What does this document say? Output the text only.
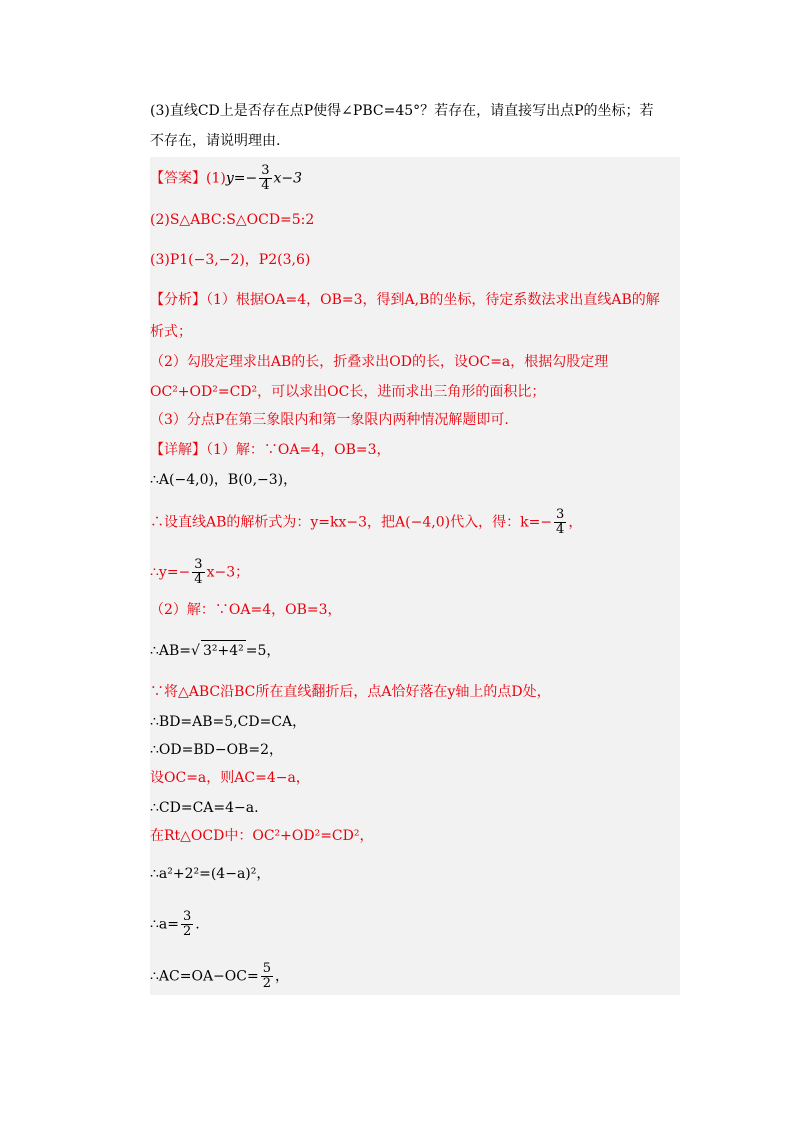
(3)直线CD上是否存在点P使得∠PBC=45°？若存在，请直接写出点P的坐标；若
不存在，请说明理由.
【答案】$(1)y=- \frac{3}{4} x-3$
(2)S△ABC:S△OCD=5:2
(3)P1(−3,−2)，P2(3,6)
【分析】（1）根据OA=4，OB=3，得到A,B的坐标，待定系数法求出直线AB的解
析式；
（2）勾股定理求出AB的长，折叠求出OD的长，设OC=a，根据勾股定理
OC²+OD²=CD²，可以求出OC长，进而求出三角形的面积比；
（3）分点P在第三象限内和第一象限内两种情况解题即可.
【详解】（1）解：∵OA=4，OB=3，
∴A(−4,0)，B(0,−3)，
∴设直线AB的解析式为：y=kx−3，把A(−4,0)代入，得：$k=- \frac{3}{4}$ ，
∴y=− $\frac{3}{4} x-3$；
（2）解：∵OA=4，OB=3，
∴AB=√ 3²+4² =5，
∵将△ABC沿BC所在直线翻折后，点A恰好落在y轴上的点D处，
∴BD=AB=5,CD=CA，
∴OD=BD−OB=2，
设OC=a，则AC=4−a，
∴CD=CA=4−a.
在Rt△OCD中：OC²+OD²=CD²，
∴a²+2²=(4−a)²，
∴a= $\frac{3}{2}$ .
∴AC=OA−OC= $\frac{5}{2}$ ，
